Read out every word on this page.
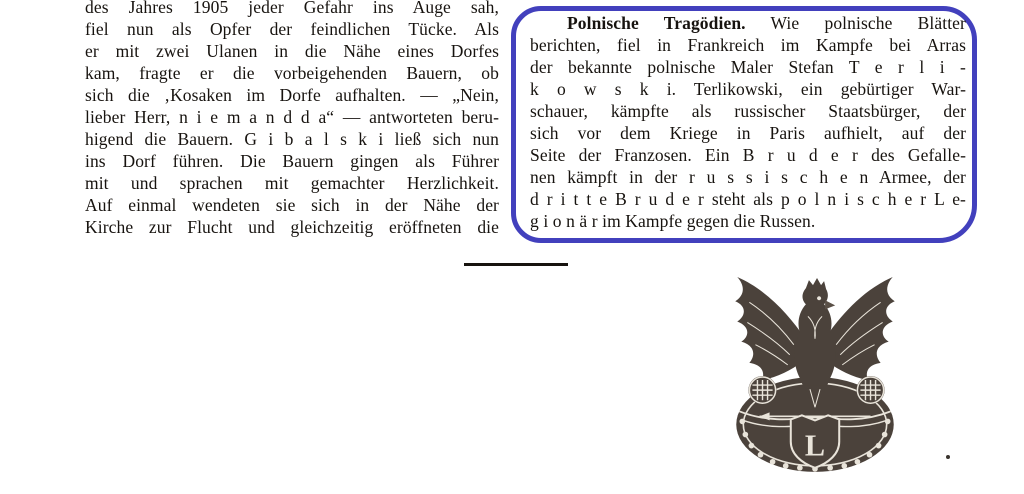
des Jahres 1905 jeder Gefahr ins Auge sah,
fiel nun als Opfer der feindlichen Tücke. Als
er mit zwei Ulanen in die Nähe eines Dorfes
kam, fragte er die vorbeigehenden Bauern, ob
sich die ‚Kosaken im Dorfe aufhalten. — „Nein,
lieber Herr, n i e m a n d d a“ — antworteten beru-
higend die Bauern. G i b a l s k i ließ sich nun
ins Dorf führen. Die Bauern gingen als Führer
mit und sprachen mit gemachter Herzlichkeit.
Auf einmal wendeten sie sich in der Nähe der
Kirche zur Flucht und gleichzeitig eröffneten die
Polnische Tragödien. Wie polnische Blätter
berichten, fiel in Frankreich im Kampfe bei Arras
der bekannte polnische Maler Stefan T e r l i -
k o w s k i. Terlikowski, ein gebürtiger War-
schauer, kämpfte als russischer Staatsbürger, der
sich vor dem Kriege in Paris aufhielt, auf der
Seite der Franzosen. Ein B r u d e r des Gefalle-
nen kämpft in der r u s s i s c h e n Armee, der
d r i t t e B r u d e r steht als p o l n i s c h e r L e-
g i o n ä r im Kampfe gegen die Russen.
L
